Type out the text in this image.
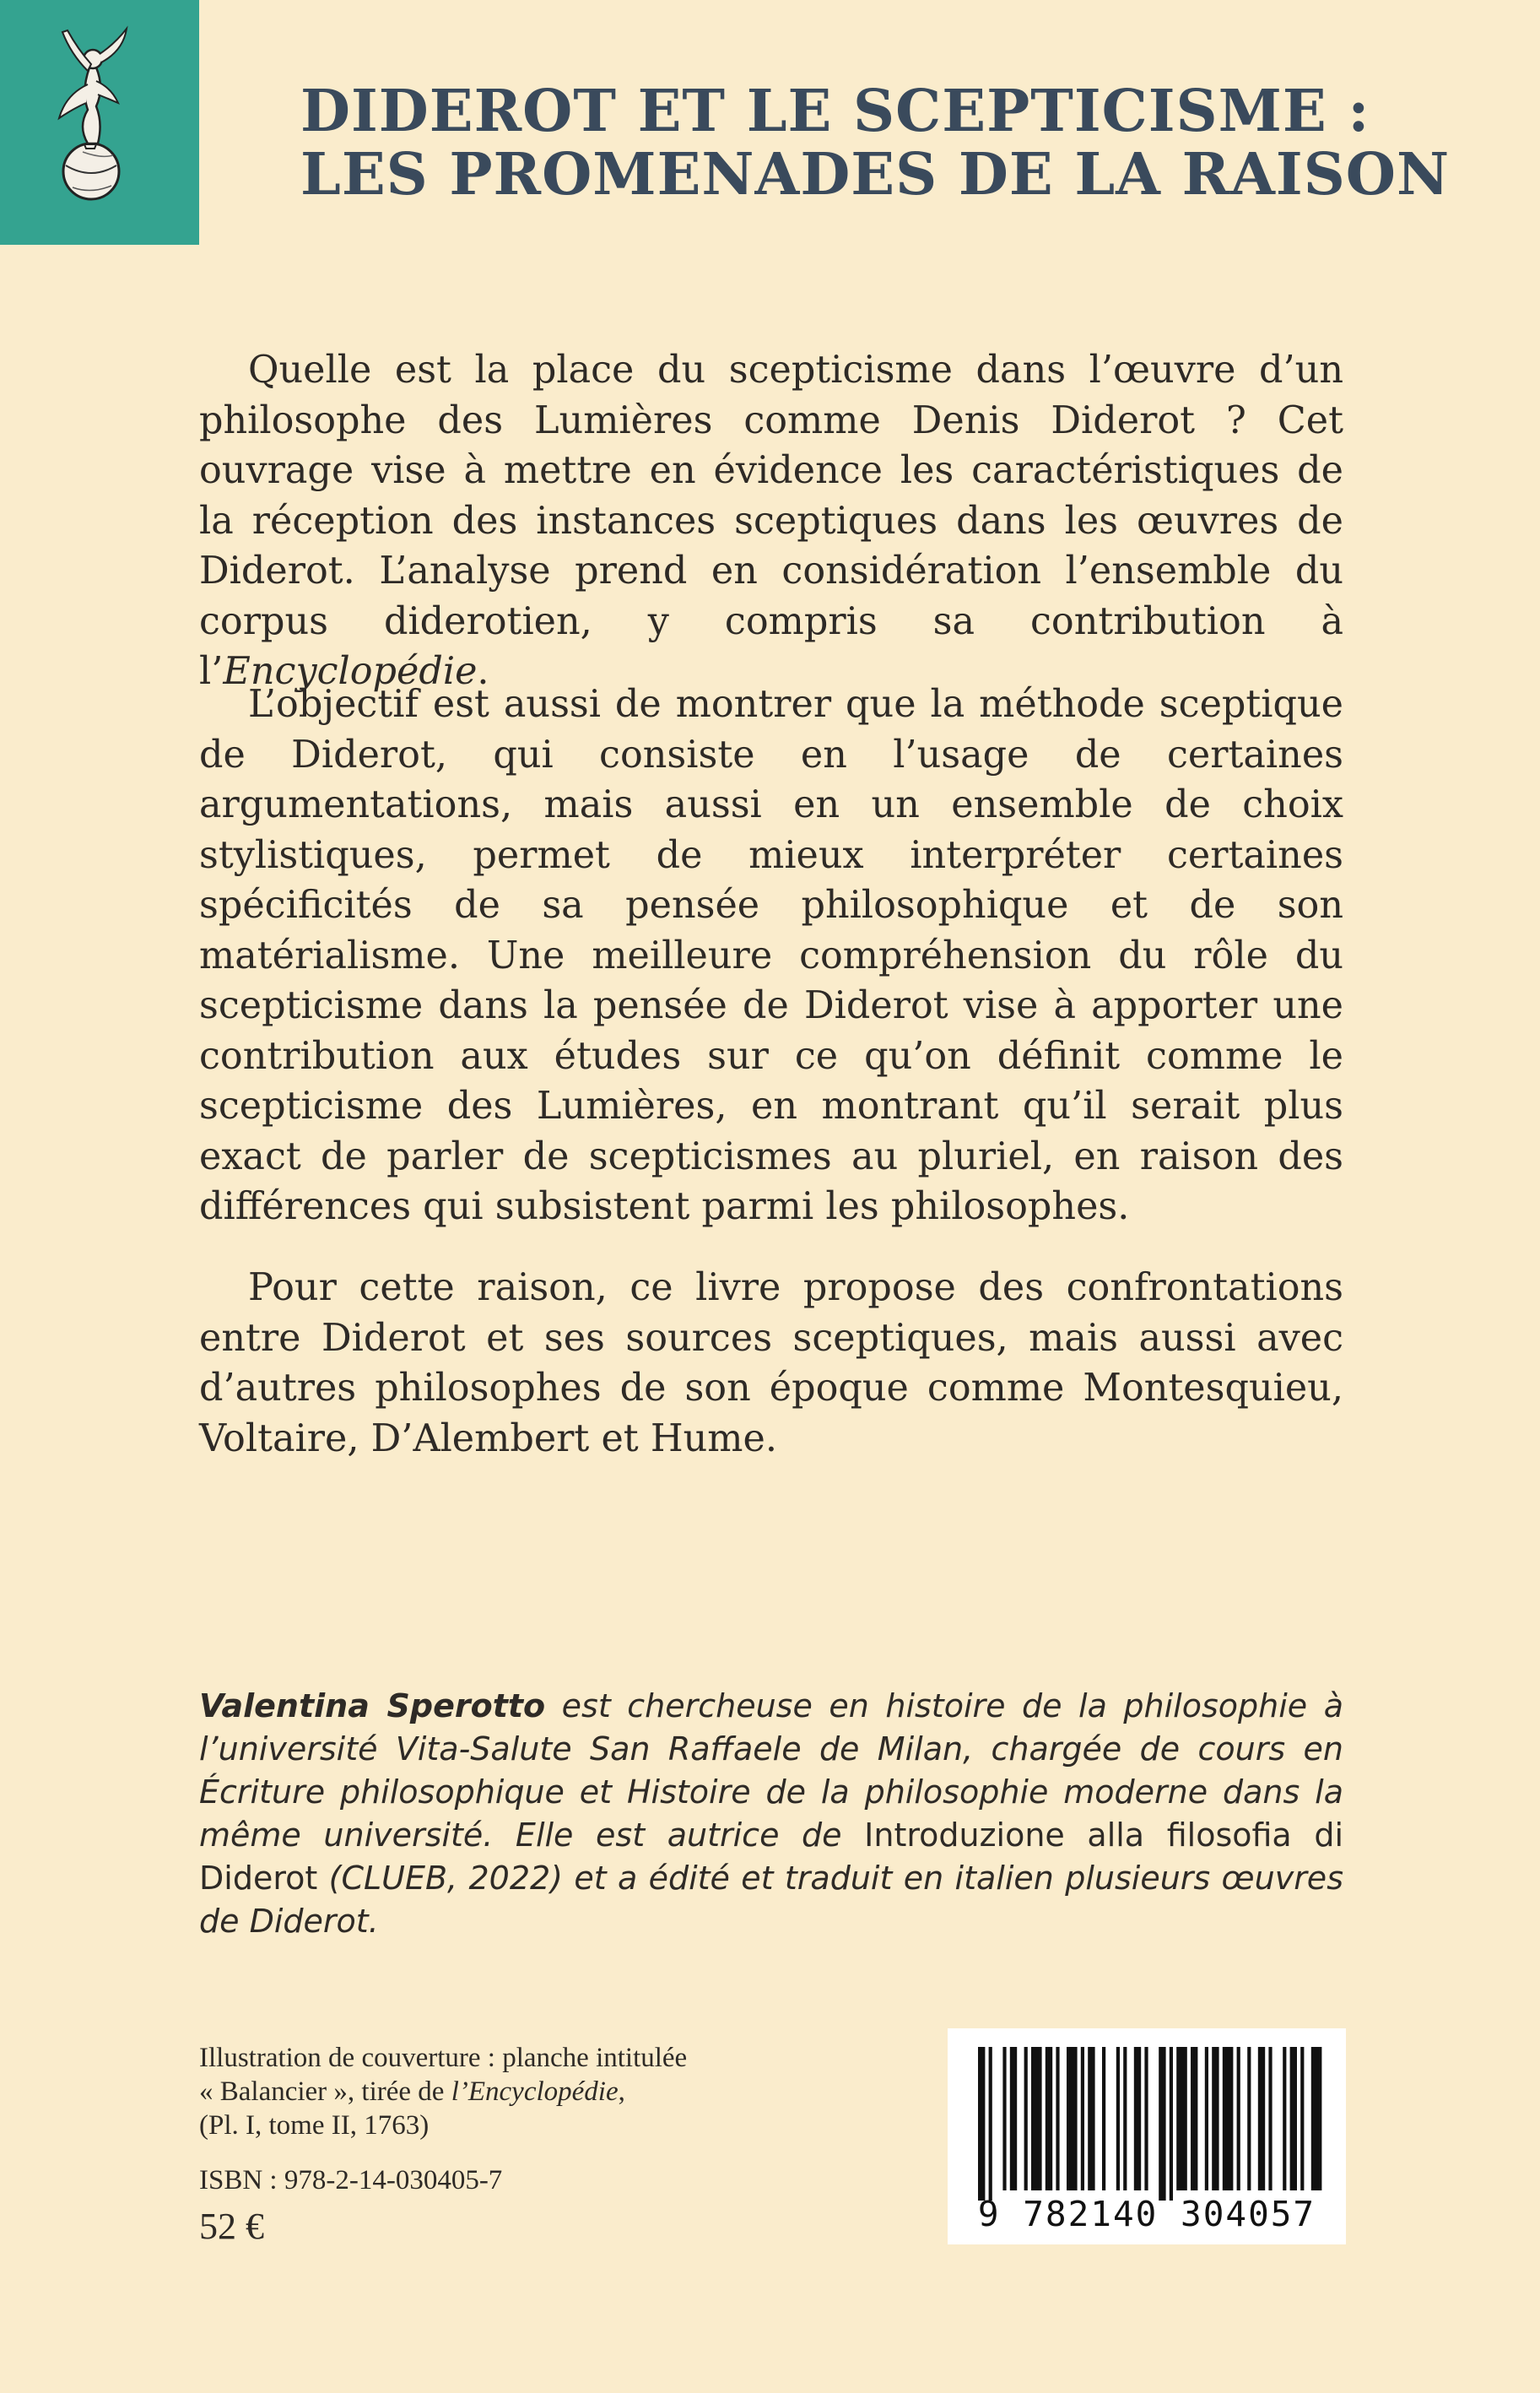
DIDEROT ET LE SCEPTICISME :
LES PROMENADES DE LA RAISON

Quelle est la place du scepticisme dans l’œuvre d’un philosophe des Lumières comme Denis Diderot ? Cet ouvrage vise à mettre en évidence les caractéristiques de la réception des instances sceptiques dans les œuvres de Diderot. L’analyse prend en considération l’ensemble du corpus diderotien, y compris sa contribution à l’Encyclopédie.

L’objectif est aussi de montrer que la méthode sceptique de Diderot, qui consiste en l’usage de certaines argumentations, mais aussi en un ensemble de choix stylistiques, permet de mieux interpréter certaines spécificités de sa pensée philosophique et de son matérialisme. Une meilleure compréhension du rôle du scepticisme dans la pensée de Diderot vise à apporter une contribution aux études sur ce qu’on définit comme le scepticisme des Lumières, en montrant qu’il serait plus exact de parler de scepticismes au pluriel, en raison des différences qui subsistent parmi les philosophes.

Pour cette raison, ce livre propose des confrontations entre Diderot et ses sources sceptiques, mais aussi avec d’autres philosophes de son époque comme Montesquieu, Voltaire, D’Alembert et Hume.

Valentina Sperotto est chercheuse en histoire de la philosophie à l’université Vita-Salute San Raffaele de Milan, chargée de cours en Écriture philosophique et Histoire de la philosophie moderne dans la même université. Elle est autrice de Introduzione alla filosofia di Diderot (CLUEB, 2022) et a édité et traduit en italien plusieurs œuvres de Diderot.
Illustration de couverture : planche intitulée
« Balancier », tirée de l’Encyclopédie,
(Pl. I, tome II, 1763)
ISBN : 978-2-14-030405-7
52 €	9 782140 304057
